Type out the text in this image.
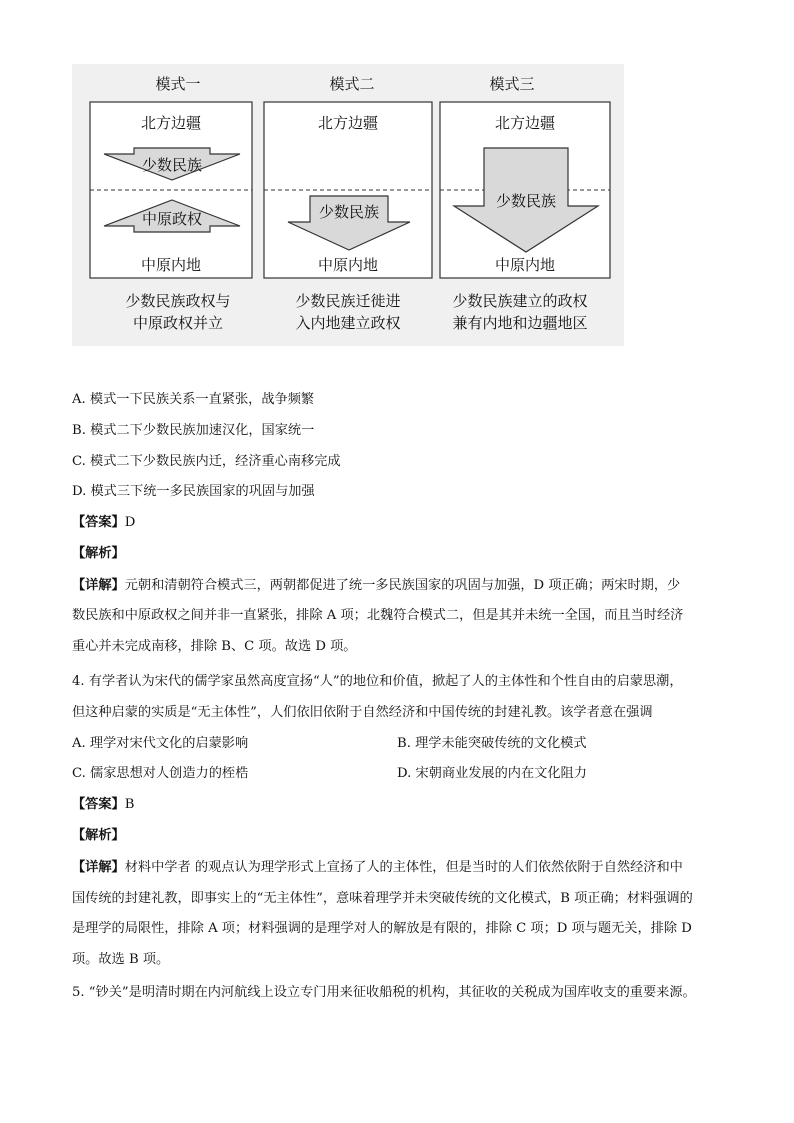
模式一
北方边疆
少数民族
中原政权
中原内地
少数民族政权与
中原政权并立
模式二
北方边疆
少数民族
中原内地
少数民族迁徙进
入内地建立政权
模式三
北方边疆
少数民族
中原内地
少数民族建立的政权
兼有内地和边疆地区
A. 模式一下民族关系一直紧张，战争频繁
B. 模式二下少数民族加速汉化，国家统一
C. 模式二下少数民族内迁，经济重心南移完成
D. 模式三下统一多民族国家的巩固与加强
【答案】D
【解析】
【详解】元朝和清朝符合模式三，两朝都促进了统一多民族国家的巩固与加强，D 项正确；两宋时期，少
数民族和中原政权之间并非一直紧张，排除 A 项；北魏符合模式二，但是其并未统一全国，而且当时经济
重心并未完成南移，排除 B、C 项。故选 D 项。
4. 有学者认为宋代的儒学家虽然高度宣扬“人”的地位和价值，掀起了人的主体性和个性自由的启蒙思潮，
但这种启蒙的实质是“无主体性”，人们依旧依附于自然经济和中国传统的封建礼教。该学者意在强调
A. 理学对宋代文化的启蒙影响	B. 理学未能突破传统的文化模式
C. 儒家思想对人创造力的桎梏	D. 宋朝商业发展的内在文化阻力
【答案】B
【解析】
【详解】材料中学者 的观点认为理学形式上宣扬了人的主体性，但是当时的人们依然依附于自然经济和中
国传统的封建礼教，即事实上的“无主体性”，意味着理学并未突破传统的文化模式，B 项正确；材料强调的
是理学的局限性，排除 A 项；材料强调的是理学对人的解放是有限的，排除 C 项；D 项与题无关，排除 D
项。故选 B 项。
5. “钞关”是明清时期在内河航线上设立专门用来征收船税的机构，其征收的关税成为国库收支的重要来源。
